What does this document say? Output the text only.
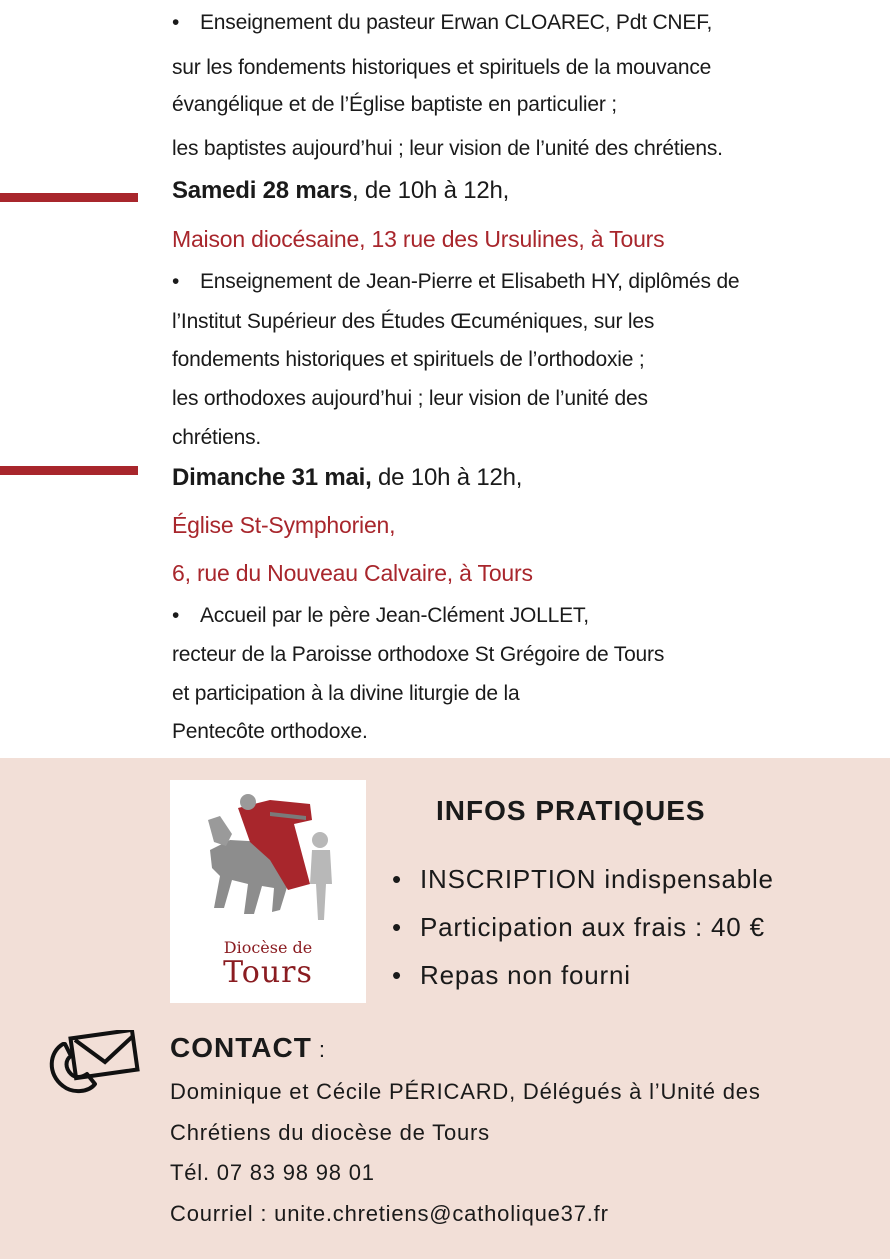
• Enseignement du pasteur Erwan CLOAREC, Pdt CNEF,
sur les fondements historiques et spirituels de la mouvance
évangélique et de l’Église baptiste en particulier ;
les baptistes aujourd’hui ; leur vision de l’unité des chrétiens.
Samedi 28 mars, de 10h à 12h,
Maison diocésaine, 13 rue des Ursulines, à Tours
• Enseignement de Jean-Pierre et Elisabeth HY, diplômés de
l’Institut Supérieur des Études Œcuméniques, sur les
fondements historiques et spirituels de l’orthodoxie ;
les orthodoxes aujourd’hui ; leur vision de l’unité des
chrétiens.
Dimanche 31 mai, de 10h à 12h,
Église St-Symphorien,
6, rue du Nouveau Calvaire, à Tours
• Accueil par le père Jean-Clément JOLLET,
recteur de la Paroisse orthodoxe St Grégoire de Tours
et participation à la divine liturgie de la
Pentecôte orthodoxe.
Diocèse de
Tours
INFOS PRATIQUES
• INSCRIPTION indispensable
• Participation aux frais : 40 €
• Repas non fourni
CONTACT :
Dominique et Cécile PÉRICARD, Délégués à l’Unité des
Chrétiens du diocèse de Tours
Tél. 07 83 98 98 01
Courriel : unite.chretiens@catholique37.fr
